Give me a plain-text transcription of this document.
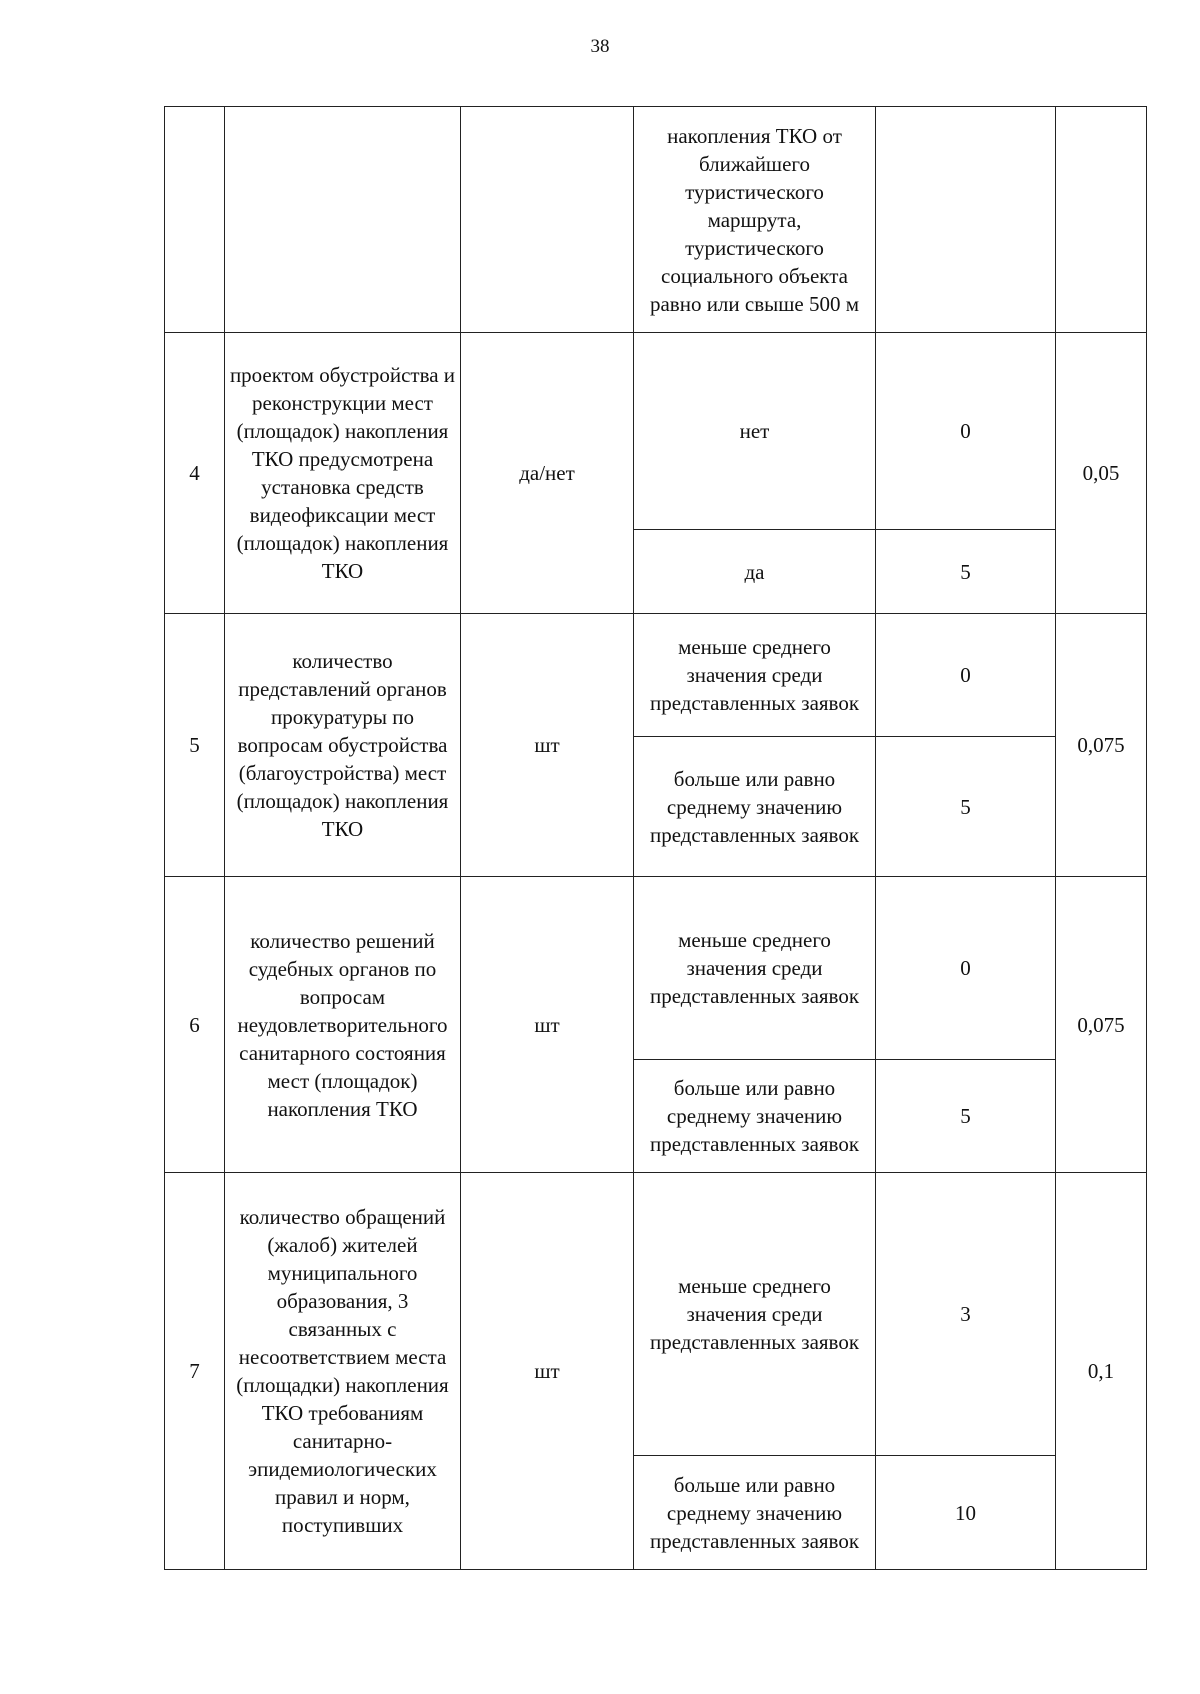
38
			накопления ТКО от ближайшего туристического маршрута, туристического социального объекта равно или свыше 500 м		
4	проектом обустройства и реконструкции мест (площадок) накопления ТКО предусмотрена установка средств видеофиксации мест (площадок) накопления ТКО	да/нет	нет	0	0,05
			да	5	
5	количество представлений органов прокуратуры по вопросам обустройства (благоустройства) мест (площадок) накопления ТКО	шт	меньше среднего значения среди представленных заявок	0	0,075
			больше или равно среднему значению представленных заявок	5	
6	количество решений судебных органов по вопросам неудовлетворительного санитарного состояния мест (площадок) накопления ТКО	шт	меньше среднего значения среди представленных заявок	0	0,075
			больше или равно среднему значению представленных заявок	5	
7	количество обращений (жалоб) жителей муниципального образования, 3 связанных с несоответствием места (площадки) накопления ТКО требованиям санитарно-эпидемиологических правил и норм, поступивших	шт	меньше среднего значения среди представленных заявок	3	0,1
			больше или равно среднему значению представленных заявок	10	
